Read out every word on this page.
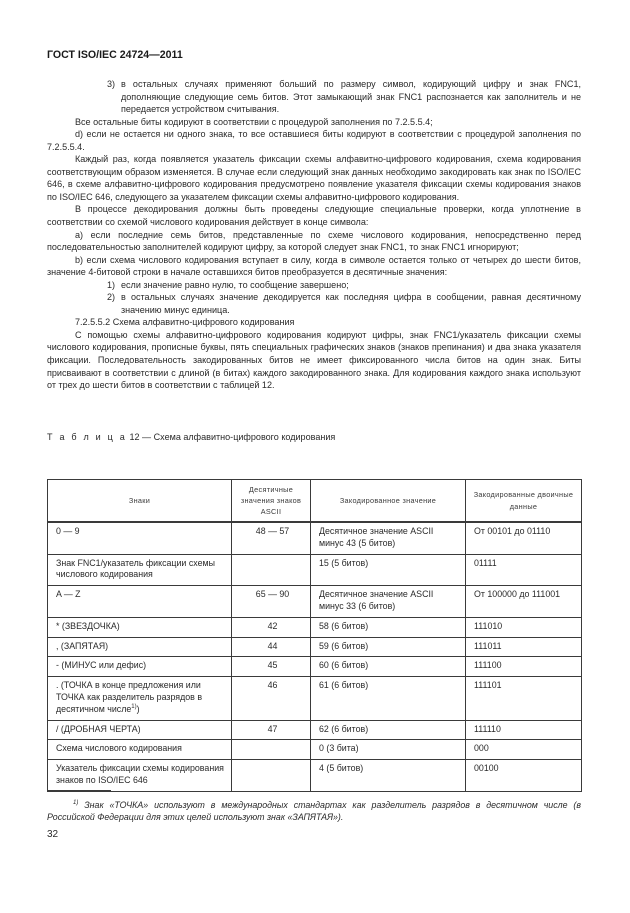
ГОСТ ISO/IEC 24724—2011
3) в остальных случаях применяют больший по размеру символ, кодирующий цифру и знак FNC1, дополняющие следующие семь битов. Этот замыкающий знак FNC1 распознается как заполнитель и не передается устройством считывания.

Все остальные биты кодируют в соответствии с процедурой заполнения по 7.2.5.5.4;

d) если не остается ни одного знака, то все оставшиеся биты кодируют в соответствии с процедурой заполнения по 7.2.5.5.4.

Каждый раз, когда появляется указатель фиксации схемы алфавитно-цифрового кодирования, схема кодирования соответствующим образом изменяется. В случае если следующий знак данных необходимо закодировать как знак по ISO/IEC 646, в схеме алфавитно-цифрового кодирования предусмотрено появление указателя фиксации схемы кодирования знаков по ISO/IEC 646, следующего за указателем фиксации схемы алфавитно-цифрового кодирования.

В процессе декодирования должны быть проведены следующие специальные проверки, когда уплотнение в соответствии со схемой числового кодирования действует в конце символа:

a) если последние семь битов, представленные по схеме числового кодирования, непосредственно перед последовательностью заполнителей кодируют цифру, за которой следует знак FNC1, то знак FNC1 игнорируют;

b) если схема числового кодирования вступает в силу, когда в символе остается только от четырех до шести битов, значение 4-битовой строки в начале оставшихся битов преобразуется в десятичные значения:

1) если значение равно нулю, то сообщение завершено;
2) в остальных случаях значение декодируется как последняя цифра в сообщении, равная десятичному значению минус единица.

7.2.5.5.2 Схема алфавитно-цифрового кодирования

С помощью схемы алфавитно-цифрового кодирования кодируют цифры, знак FNC1/указатель фиксации схемы числового кодирования, прописные буквы, пять специальных графических знаков (знаков препинания) и два знака указателя фиксации. Последовательность закодированных битов не имеет фиксированного числа битов на один знак. Биты присваивают в соответствии с длиной (в битах) каждого закодированного знака. Для кодирования каждого знака используют от трех до шести битов в соответствии с таблицей 12.

Т а б л и ц а 12 — Схема алфавитно-цифрового кодирования
Знаки	Десятичные значения знаков ASCII	Закодированное значение	Закодированные двоичные данные
0 — 9	48 — 57	Десятичное значение ASCII минус 43 (5 битов)	От 00101 до 01110
Знак FNC1/указатель фиксации схемы числового кодирования		15 (5 битов)	01111
A — Z	65 — 90	Десятичное значение ASCII минус 33 (6 битов)	От 100000 до 111001
* (ЗВЕЗДОЧКА)	42	58 (6 битов)	111010
, (ЗАПЯТАЯ)	44	59 (6 битов)	111011
- (МИНУС или дефис)	45	60 (6 битов)	111100
. (ТОЧКА в конце предложения или ТОЧКА как разделитель разрядов в десятичном числе$^{1)}$)	46	61 (6 битов)	111101
/ (ДРОБНАЯ ЧЕРТА)	47	62 (6 битов)	111110
Схема числового кодирования		0 (3 бита)	000
Указатель фиксации схемы кодирования знаков по ISO/IEC 646		4 (5 битов)	00100
$^{1)}$ Знак «ТОЧКА» используют в международных стандартах как разделитель разрядов в десятичном числе (в Российской Федерации для этих целей используют знак «ЗАПЯТАЯ»).
32
